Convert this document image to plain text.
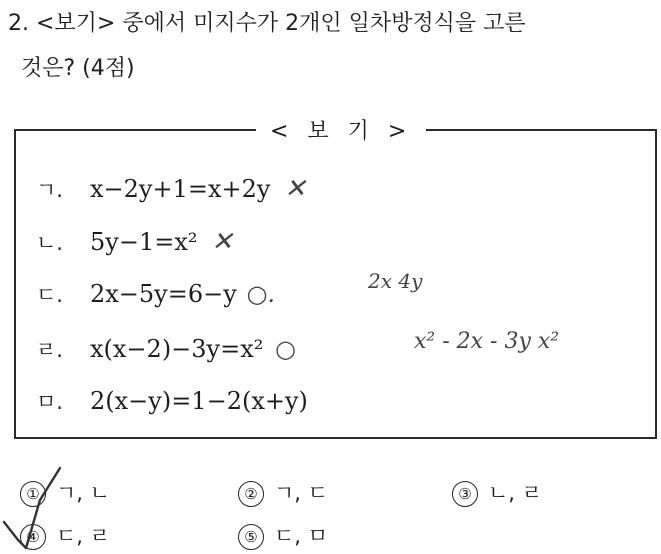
2. <보기> 중에서 미지수가 2개인 일차방정식을 고른
것은? (4점)
< 보 기 >
ㄱ. x−2y+1=x+2y ✕
ㄴ. 5y−1=x² ✕
ㄷ. 2x−5y=6−y ○.
ㄹ. x(x−2)−3y=x² ○
ㅁ. 2(x−y)=1−2(x+y)
2x 4y
x² - 2x - 3y x²
① ㄱ, ㄴ	② ㄱ, ㄷ	③ ㄴ, ㄹ
④ ㄷ, ㄹ	⑤ ㄷ, ㅁ
